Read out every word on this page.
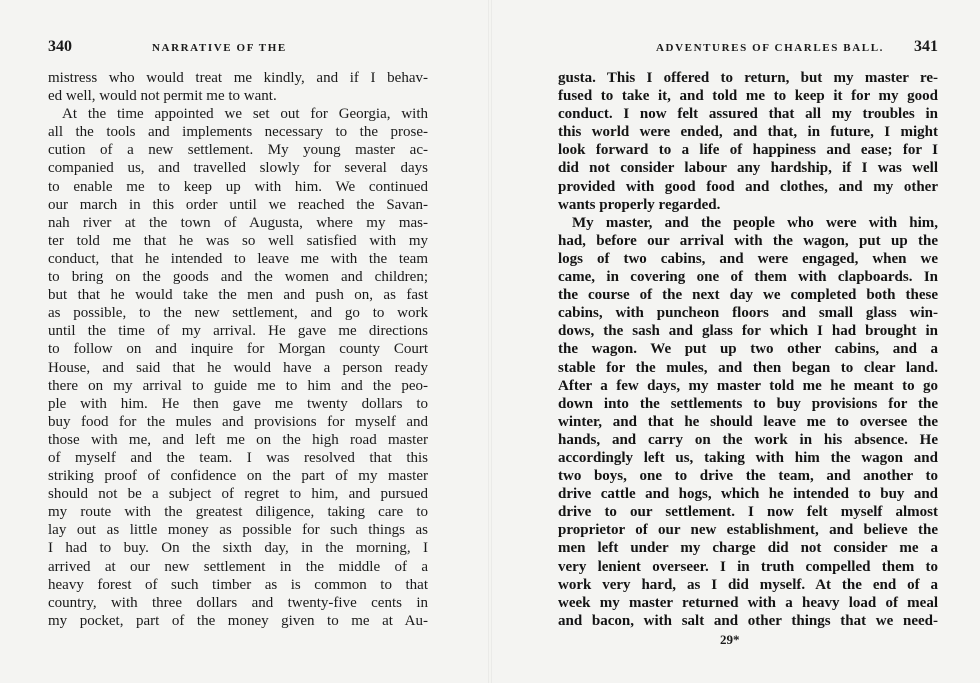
340	NARRATIVE OF THE
mistress who would treat me kindly, and if I behav-
ed well, would not permit me to want.
At the time appointed we set out for Georgia, with
all the tools and implements necessary to the prose-
cution of a new settlement. My young master ac-
companied us, and travelled slowly for several days
to enable me to keep up with him. We continued
our march in this order until we reached the Savan-
nah river at the town of Augusta, where my mas-
ter told me that he was so well satisfied with my
conduct, that he intended to leave me with the team
to bring on the goods and the women and children;
but that he would take the men and push on, as fast
as possible, to the new settlement, and go to work
until the time of my arrival. He gave me directions
to follow on and inquire for Morgan county Court
House, and said that he would have a person ready
there on my arrival to guide me to him and the peo-
ple with him. He then gave me twenty dollars to
buy food for the mules and provisions for myself and
those with me, and left me on the high road master
of myself and the team. I was resolved that this
striking proof of confidence on the part of my master
should not be a subject of regret to him, and pursued
my route with the greatest diligence, taking care to
lay out as little money as possible for such things as
I had to buy. On the sixth day, in the morning, I
arrived at our new settlement in the middle of a
heavy forest of such timber as is common to that
country, with three dollars and twenty-five cents in
my pocket, part of the money given to me at Au-
ADVENTURES OF CHARLES BALL. 341
gusta. This I offered to return, but my master re-
fused to take it, and told me to keep it for my good
conduct. I now felt assured that all my troubles in
this world were ended, and that, in future, I might
look forward to a life of happiness and ease; for I
did not consider labour any hardship, if I was well
provided with good food and clothes, and my other
wants properly regarded.
My master, and the people who were with him,
had, before our arrival with the wagon, put up the
logs of two cabins, and were engaged, when we
came, in covering one of them with clapboards. In
the course of the next day we completed both these
cabins, with puncheon floors and small glass win-
dows, the sash and glass for which I had brought in
the wagon. We put up two other cabins, and a
stable for the mules, and then began to clear land.
After a few days, my master told me he meant to go
down into the settlements to buy provisions for the
winter, and that he should leave me to oversee the
hands, and carry on the work in his absence. He
accordingly left us, taking with him the wagon and
two boys, one to drive the team, and another to
drive cattle and hogs, which he intended to buy and
drive to our settlement. I now felt myself almost
proprietor of our new establishment, and believe the
men left under my charge did not consider me a
very lenient overseer. I in truth compelled them to
work very hard, as I did myself. At the end of a
week my master returned with a heavy load of meal
and bacon, with salt and other things that we need-
29*
